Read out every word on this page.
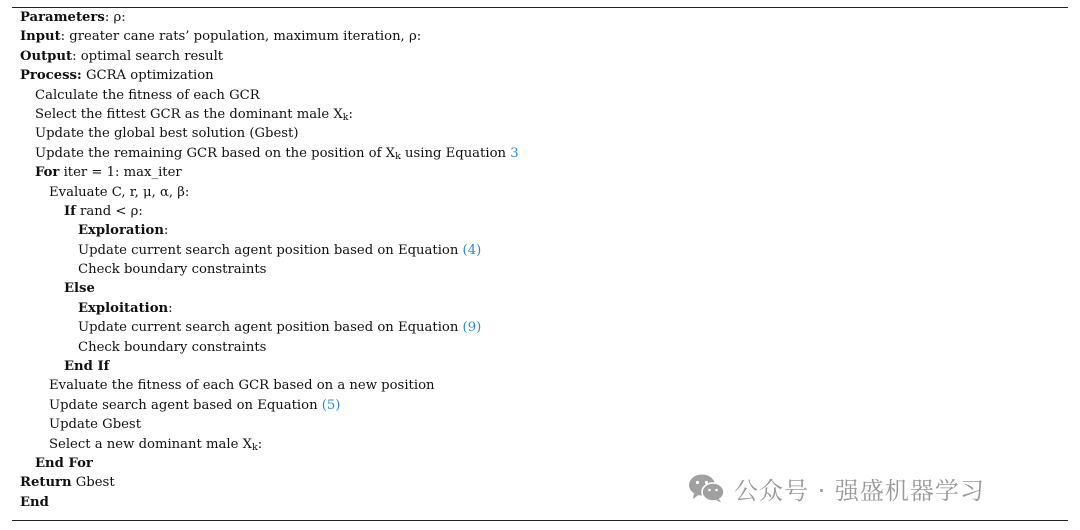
Parameters: ρ:
Input: greater cane rats’ population, maximum iteration, ρ:
Output: optimal search result
Process: GCRA optimization
Calculate the fitness of each GCR
Select the fittest GCR as the dominant male $X_k$:
Update the global best solution (Gbest)
Update the remaining GCR based on the position of $X_k$ using Equation 3
For iter = 1: max_iter
Evaluate C, r, μ, α, β:
If rand < ρ:
Exploration:
Update current search agent position based on Equation (4)
Check boundary constraints
Else
Exploitation:
Update current search agent position based on Equation (9)
Check boundary constraints
End If
Evaluate the fitness of each GCR based on a new position
Update search agent based on Equation (5)
Update Gbest
Select a new dominant male $X_k$:
End For
Return Gbest
End	公众号 · 强盛机器学习
